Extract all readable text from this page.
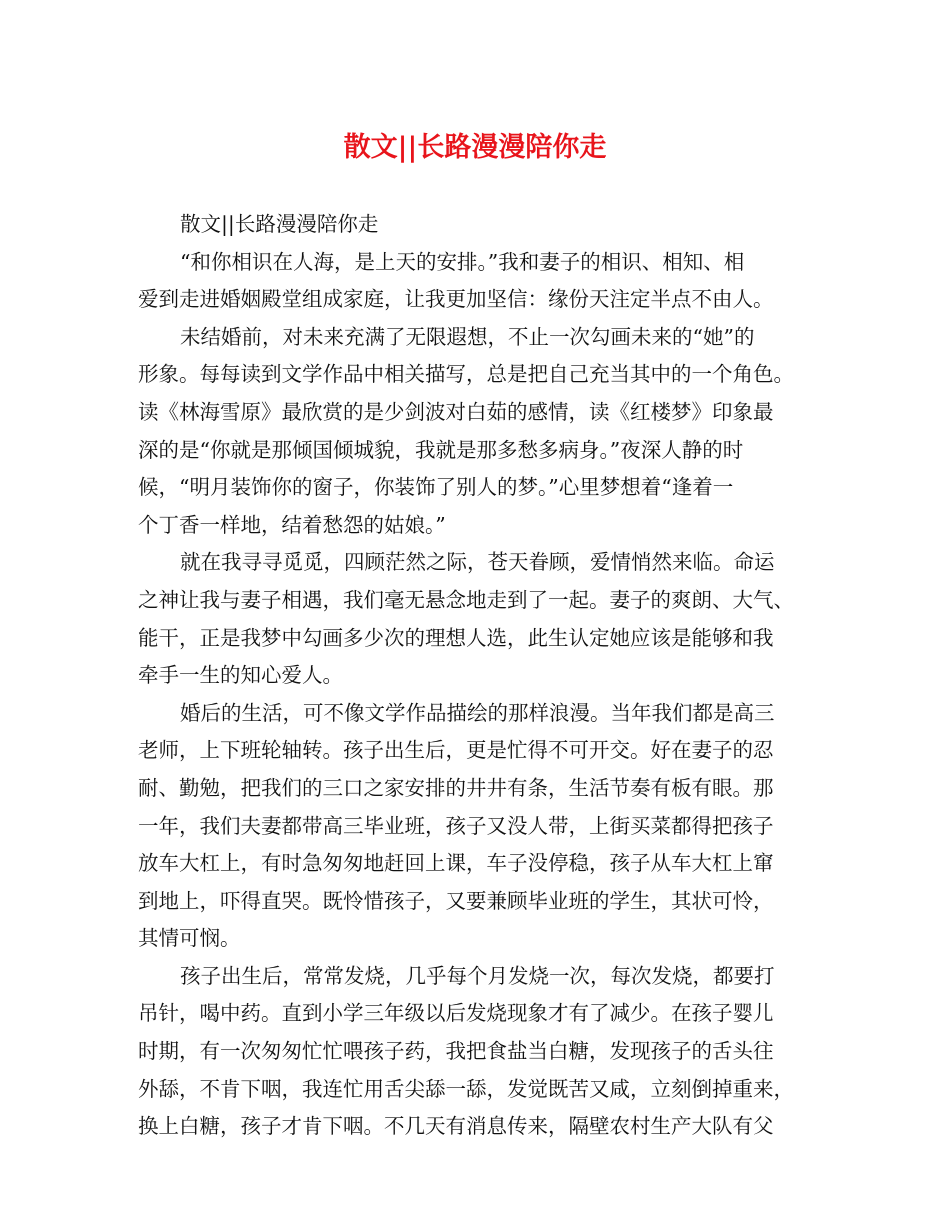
散文||长路漫漫陪你走

散文||长路漫漫陪你走

“和你相识在人海，是上天的安排。”我和妻子的相识、相知、相

爱到走进婚姻殿堂组成家庭，让我更加坚信：缘份天注定半点不由人。

未结婚前，对未来充满了无限遐想，不止一次勾画未来的“她”的

形象。每每读到文学作品中相关描写，总是把自己充当其中的一个角色。

读《林海雪原》最欣赏的是少剑波对白茹的感情，读《红楼梦》印象最

深的是“你就是那倾国倾城貌，我就是那多愁多病身。”夜深人静的时

候，“明月装饰你的窗子，你装饰了别人的梦。”心里梦想着“逢着一

个丁香一样地，结着愁怨的姑娘。”

就在我寻寻觅觅，四顾茫然之际，苍天眷顾，爱情悄然来临。命运

之神让我与妻子相遇，我们毫无悬念地走到了一起。妻子的爽朗、大气、

能干，正是我梦中勾画多少次的理想人选，此生认定她应该是能够和我

牵手一生的知心爱人。

婚后的生活，可不像文学作品描绘的那样浪漫。当年我们都是高三

老师，上下班轮轴转。孩子出生后，更是忙得不可开交。好在妻子的忍

耐、勤勉，把我们的三口之家安排的井井有条，生活节奏有板有眼。那

一年，我们夫妻都带高三毕业班，孩子又没人带，上街买菜都得把孩子

放车大杠上，有时急匆匆地赶回上课，车子没停稳，孩子从车大杠上窜

到地上，吓得直哭。既怜惜孩子，又要兼顾毕业班的学生，其状可怜，

其情可悯。

孩子出生后，常常发烧，几乎每个月发烧一次，每次发烧，都要打

吊针，喝中药。直到小学三年级以后发烧现象才有了减少。在孩子婴儿

时期，有一次匆匆忙忙喂孩子药，我把食盐当白糖，发现孩子的舌头往

外舔，不肯下咽，我连忙用舌尖舔一舔，发觉既苦又咸，立刻倒掉重来，

换上白糖，孩子才肯下咽。不几天有消息传来，隔壁农村生产大队有父
